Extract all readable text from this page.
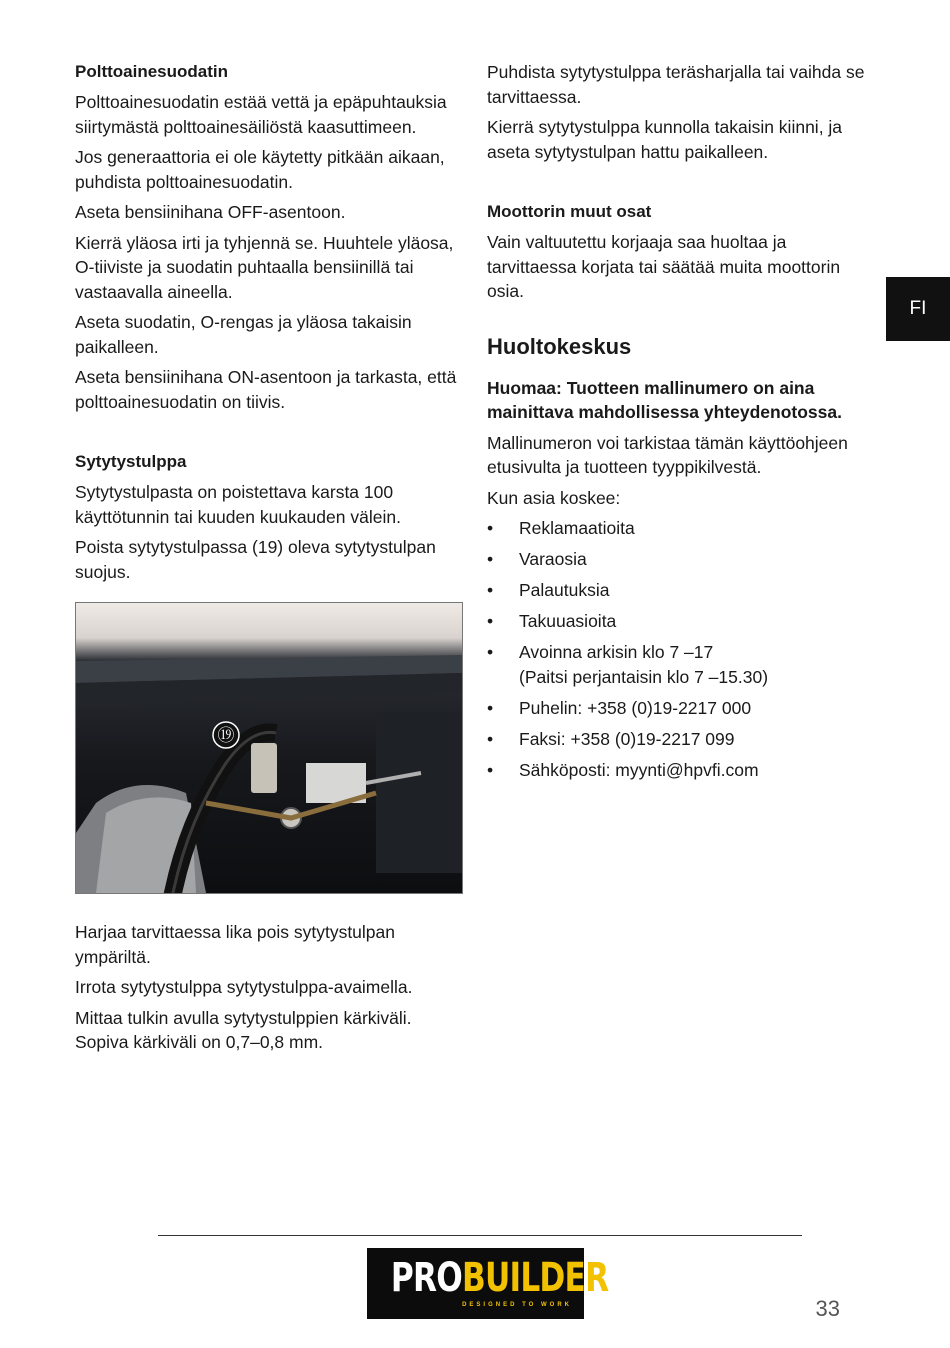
Polttoainesuodatin

Polttoainesuodatin estää vettä ja epäpuhtauksia siirtymästä polttoainesäiliöstä kaasuttimeen.

Jos generaattoria ei ole käytetty pitkään aikaan, puhdista polttoainesuodatin.

Aseta bensiinihana OFF-asentoon.

Kierrä yläosa irti ja tyhjennä se. Huuhtele yläosa, O-tiiviste ja suodatin puhtaalla bensiinillä tai vastaavalla aineella.

Aseta suodatin, O-rengas ja yläosa takaisin paikalleen.

Aseta bensiinihana ON-asentoon ja tarkasta, että polttoainesuodatin on tiivis.

Sytytystulppa

Sytytystulpasta on poistettava karsta 100 käyttötunnin tai kuuden kuukauden välein.

Poista sytytystulpassa (19) oleva sytytystulpan suojus.

⑲

Harjaa tarvittaessa lika pois sytytystulpan ympäriltä.

Irrota sytytystulppa sytytystulppa-avaimella.

Mittaa tulkin avulla sytytystulppien kärkiväli. Sopiva kärkiväli on 0,7–0,8 mm.

Puhdista sytytystulppa teräsharjalla tai vaihda se tarvittaessa.

Kierrä sytytystulppa kunnolla takaisin kiinni, ja aseta sytytystulpan hattu paikalleen.

Moottorin muut osat

Vain valtuutettu korjaaja saa huoltaa ja tarvittaessa korjata tai säätää muita moottorin osia.

Huoltokeskus
Huomaa: Tuotteen mallinumero on aina mainittava mahdollisessa yhteydenotossa.

Mallinumeron voi tarkistaa tämän käyttöohjeen etusivulta ja tuotteen tyyppikilvestä.

Kun asia koskee:

• Reklamaatioita
• Varaosia
• Palautuksia
• Takuuasioita
• Avoinna arkisin klo 7 –17
(Paitsi perjantaisin klo 7 –15.30)
• Puhelin: +358 (0)19-2217 000
• Faksi: +358 (0)19-2217 099
• Sähköposti: myynti@hpvfi.com
FI
PROBUILDER
DESIGNED TO WORK	33
